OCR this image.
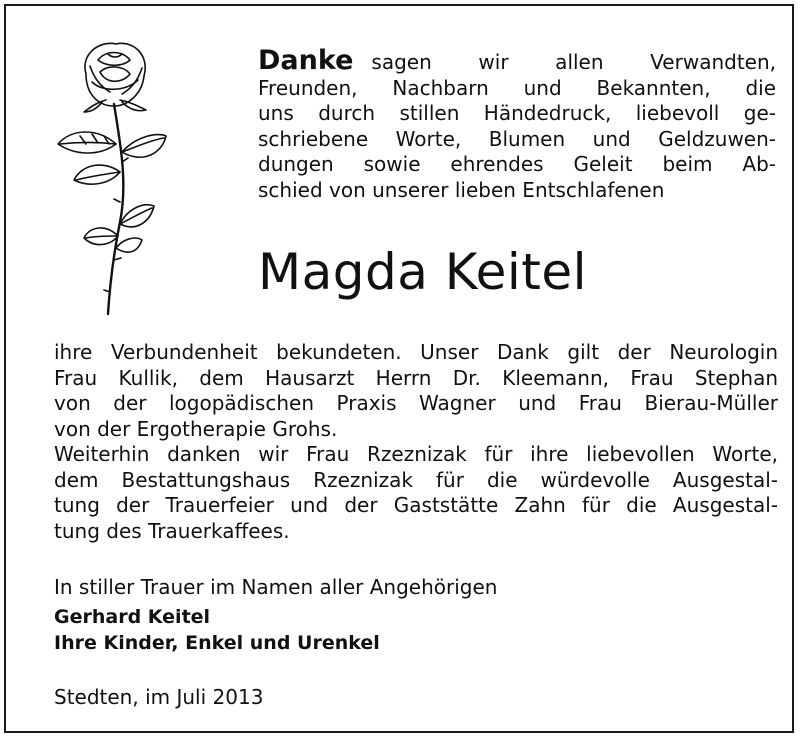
Danke sagen wir allen Verwandten,
Freunden, Nachbarn und Bekannten, die
uns durch stillen Händedruck, liebevoll ge-
schriebene Worte, Blumen und Geldzuwen-
dungen sowie ehrendes Geleit beim Ab-
schied von unserer lieben Entschlafenen
Magda Keitel
ihre Verbundenheit bekundeten. Unser Dank gilt der Neurologin
Frau Kullik, dem Hausarzt Herrn Dr. Kleemann, Frau Stephan
von der logopädischen Praxis Wagner und Frau Bierau-Müller
von der Ergotherapie Grohs.
Weiterhin danken wir Frau Rzeznizak für ihre liebevollen Worte,
dem Bestattungshaus Rzeznizak für die würdevolle Ausgestal-
tung der Trauerfeier und der Gaststätte Zahn für die Ausgestal-
tung des Trauerkaffees.
In stiller Trauer im Namen aller Angehörigen
Gerhard Keitel
Ihre Kinder, Enkel und Urenkel
Stedten, im Juli 2013
